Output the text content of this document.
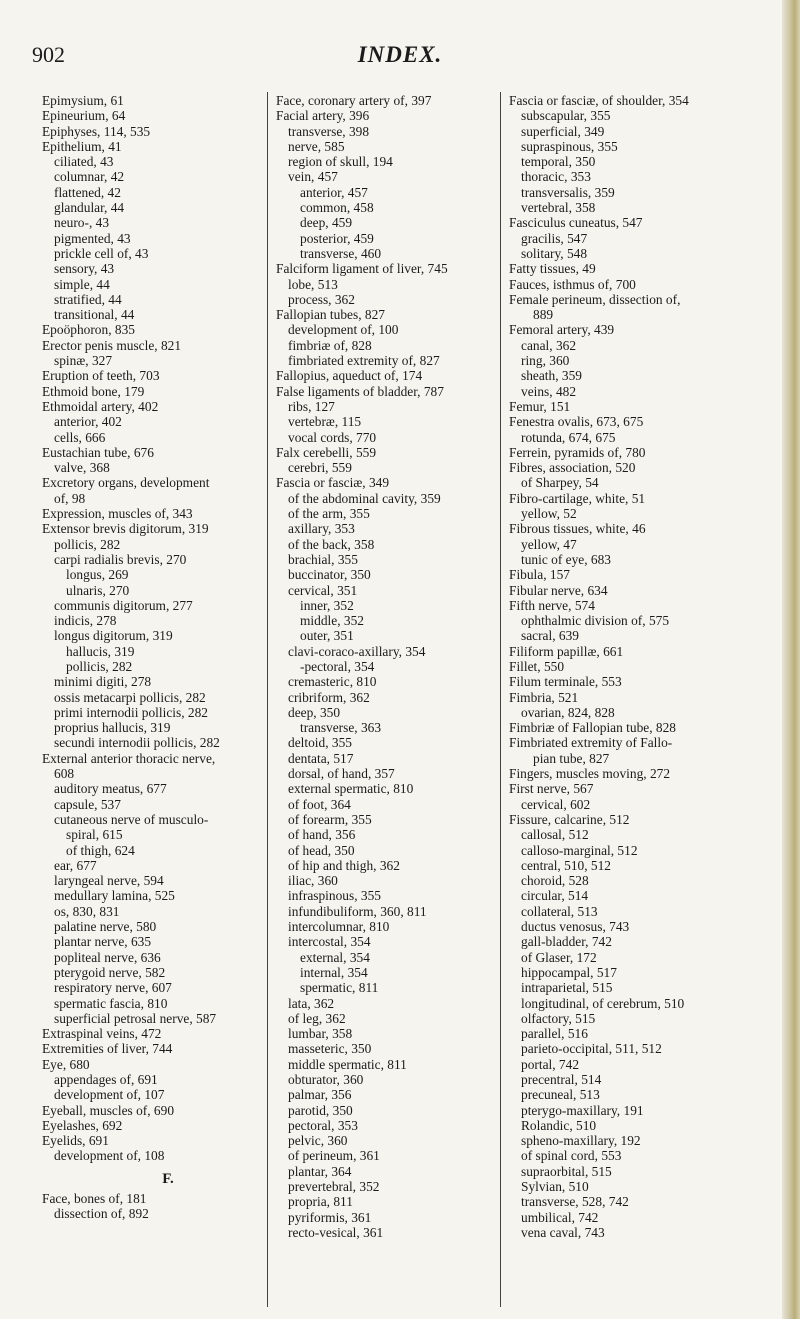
902	INDEX.
Epimysium, 61
Epineurium, 64
Epiphyses, 114, 535
Epithelium, 41
ciliated, 43
columnar, 42
flattened, 42
glandular, 44
neuro-, 43
pigmented, 43
prickle cell of, 43
sensory, 43
simple, 44
stratified, 44
transitional, 44
Epoöphoron, 835
Erector penis muscle, 821
spinæ, 327
Eruption of teeth, 703
Ethmoid bone, 179
Ethmoidal artery, 402
anterior, 402
cells, 666
Eustachian tube, 676
valve, 368
Excretory organs, development
of, 98
Expression, muscles of, 343
Extensor brevis digitorum, 319
pollicis, 282
carpi radialis brevis, 270
longus, 269
ulnaris, 270
communis digitorum, 277
indicis, 278
longus digitorum, 319
hallucis, 319
pollicis, 282
minimi digiti, 278
ossis metacarpi pollicis, 282
primi internodii pollicis, 282
proprius hallucis, 319
secundi internodii pollicis, 282
External anterior thoracic nerve,
608
auditory meatus, 677
capsule, 537
cutaneous nerve of musculo-
spiral, 615
of thigh, 624
ear, 677
laryngeal nerve, 594
medullary lamina, 525
os, 830, 831
palatine nerve, 580
plantar nerve, 635
popliteal nerve, 636
pterygoid nerve, 582
respiratory nerve, 607
spermatic fascia, 810
superficial petrosal nerve, 587
Extraspinal veins, 472
Extremities of liver, 744
Eye, 680
appendages of, 691
development of, 107
Eyeball, muscles of, 690
Eyelashes, 692
Eyelids, 691
development of, 108
F.
Face, bones of, 181
dissection of, 892
Face, coronary artery of, 397
Facial artery, 396
transverse, 398
nerve, 585
region of skull, 194
vein, 457
anterior, 457
common, 458
deep, 459
posterior, 459
transverse, 460
Falciform ligament of liver, 745
lobe, 513
process, 362
Fallopian tubes, 827
development of, 100
fimbriæ of, 828
fimbriated extremity of, 827
Fallopius, aqueduct of, 174
False ligaments of bladder, 787
ribs, 127
vertebræ, 115
vocal cords, 770
Falx cerebelli, 559
cerebri, 559
Fascia or fasciæ, 349
of the abdominal cavity, 359
of the arm, 355
axillary, 353
of the back, 358
brachial, 355
buccinator, 350
cervical, 351
inner, 352
middle, 352
outer, 351
clavi-coraco-axillary, 354
-pectoral, 354
cremasteric, 810
cribriform, 362
deep, 350
transverse, 363
deltoid, 355
dentata, 517
dorsal, of hand, 357
external spermatic, 810
of foot, 364
of forearm, 355
of hand, 356
of head, 350
of hip and thigh, 362
iliac, 360
infraspinous, 355
infundibuliform, 360, 811
intercolumnar, 810
intercostal, 354
external, 354
internal, 354
spermatic, 811
lata, 362
of leg, 362
lumbar, 358
masseteric, 350
middle spermatic, 811
obturator, 360
palmar, 356
parotid, 350
pectoral, 353
pelvic, 360
of perineum, 361
plantar, 364
prevertebral, 352
propria, 811
pyriformis, 361
recto-vesical, 361
Fascia or fasciæ, of shoulder, 354
subscapular, 355
superficial, 349
supraspinous, 355
temporal, 350
thoracic, 353
transversalis, 359
vertebral, 358
Fasciculus cuneatus, 547
gracilis, 547
solitary, 548
Fatty tissues, 49
Fauces, isthmus of, 700
Female perineum, dissection of,
889
Femoral artery, 439
canal, 362
ring, 360
sheath, 359
veins, 482
Femur, 151
Fenestra ovalis, 673, 675
rotunda, 674, 675
Ferrein, pyramids of, 780
Fibres, association, 520
of Sharpey, 54
Fibro-cartilage, white, 51
yellow, 52
Fibrous tissues, white, 46
yellow, 47
tunic of eye, 683
Fibula, 157
Fibular nerve, 634
Fifth nerve, 574
ophthalmic division of, 575
sacral, 639
Filiform papillæ, 661
Fillet, 550
Filum terminale, 553
Fimbria, 521
ovarian, 824, 828
Fimbriæ of Fallopian tube, 828
Fimbriated extremity of Fallo-
pian tube, 827
Fingers, muscles moving, 272
First nerve, 567
cervical, 602
Fissure, calcarine, 512
callosal, 512
calloso-marginal, 512
central, 510, 512
choroid, 528
circular, 514
collateral, 513
ductus venosus, 743
gall-bladder, 742
of Glaser, 172
hippocampal, 517
intraparietal, 515
longitudinal, of cerebrum, 510
olfactory, 515
parallel, 516
parieto-occipital, 511, 512
portal, 742
precentral, 514
precuneal, 513
pterygo-maxillary, 191
Rolandic, 510
spheno-maxillary, 192
of spinal cord, 553
supraorbital, 515
Sylvian, 510
transverse, 528, 742
umbilical, 742
vena caval, 743
